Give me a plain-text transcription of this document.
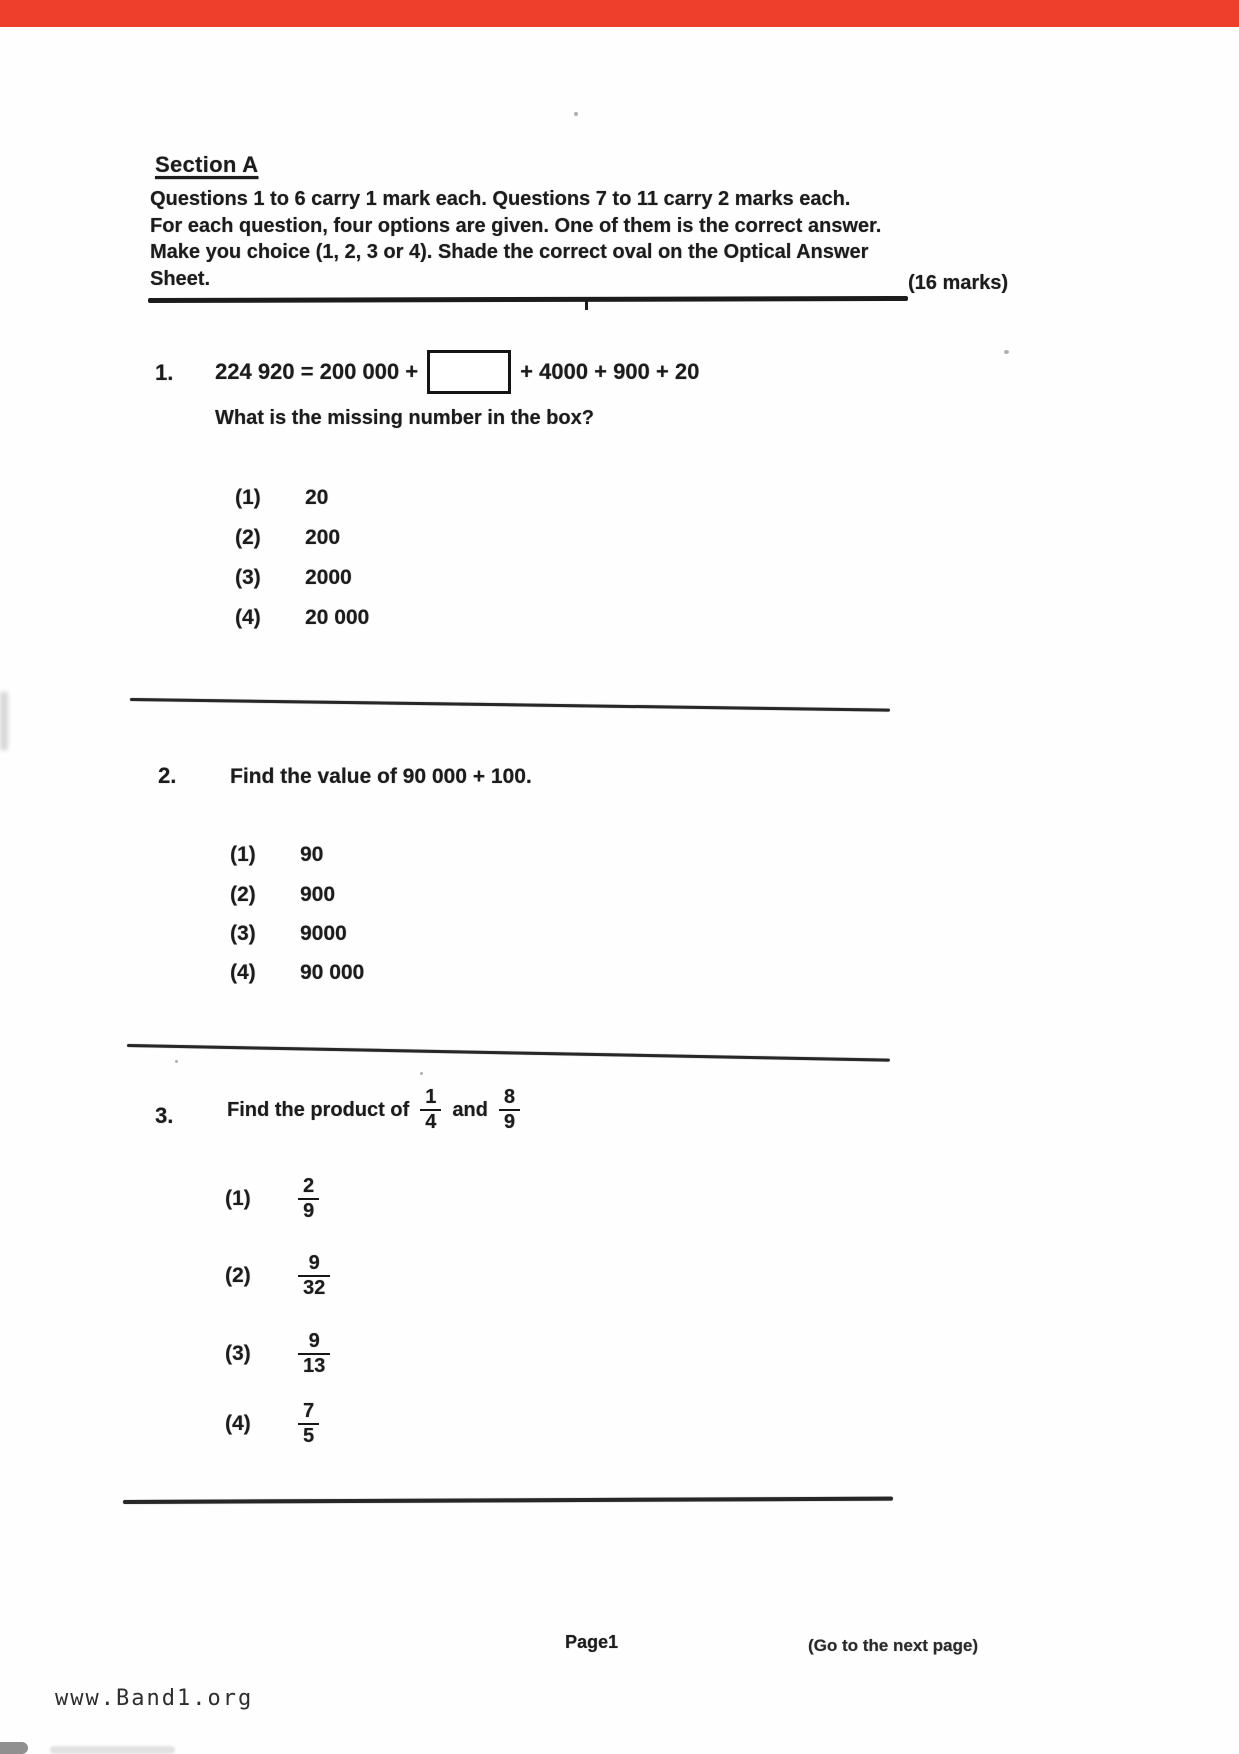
Section A
Questions 1 to 6 carry 1 mark each. Questions 7 to 11 carry 2 marks each.
For each question, four options are given. One of them is the correct answer.
Make you choice (1, 2, 3 or 4). Shade the correct oval on the Optical Answer
Sheet.	(16 marks)
1. 224 920 = 200 000 +	+ 4000 + 900 + 20
What is the missing number in the box?
(1)	20
(2)	200
(3)	2000
(4)	20 000
2.	Find the value of 90 000 + 100.
(1)	90
(2)	900
(3)	9000
(4)	90 000
3.	Find the product of $\frac{1}{4}$ and $\frac{8}{9}$
(1)	$\frac{2}{9}$
(2)	$\frac{9}{32}$
(3)	$\frac{9}{13}$
(4)	$\frac{7}{5}$
Page1	(Go to the next page)
www.Band1.org
